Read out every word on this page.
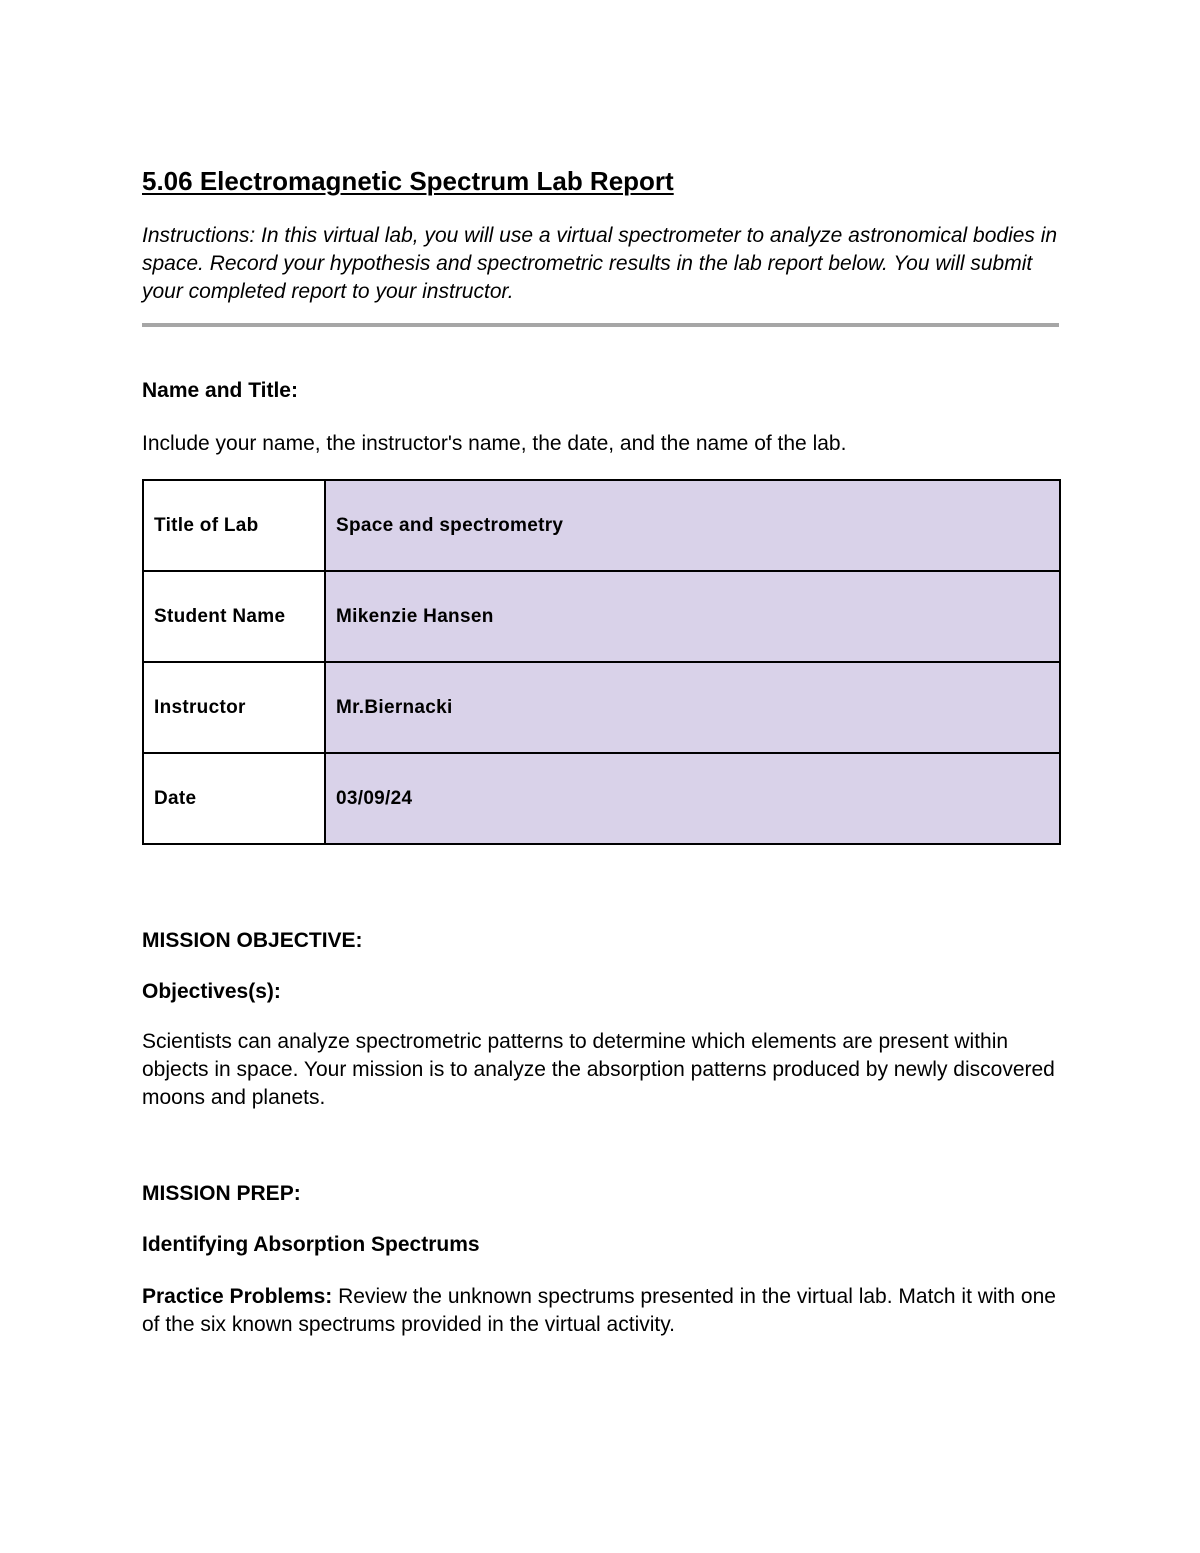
5.06 Electromagnetic Spectrum Lab Report
Instructions: In this virtual lab, you will use a virtual spectrometer to analyze astronomical bodies in space. Record your hypothesis and spectrometric results in the lab report below. You will submit your completed report to your instructor.
Name and Title:
Include your name, the instructor's name, the date, and the name of the lab.
Title of Lab	Space and spectrometry
Student Name	Mikenzie Hansen
Instructor	Mr.Biernacki
Date	03/09/24
MISSION OBJECTIVE:
Objectives(s):
Scientists can analyze spectrometric patterns to determine which elements are present within objects in space. Your mission is to analyze the absorption patterns produced by newly discovered moons and planets.
MISSION PREP:
Identifying Absorption Spectrums
Practice Problems: Review the unknown spectrums presented in the virtual lab. Match it with one of the six known spectrums provided in the virtual activity.
